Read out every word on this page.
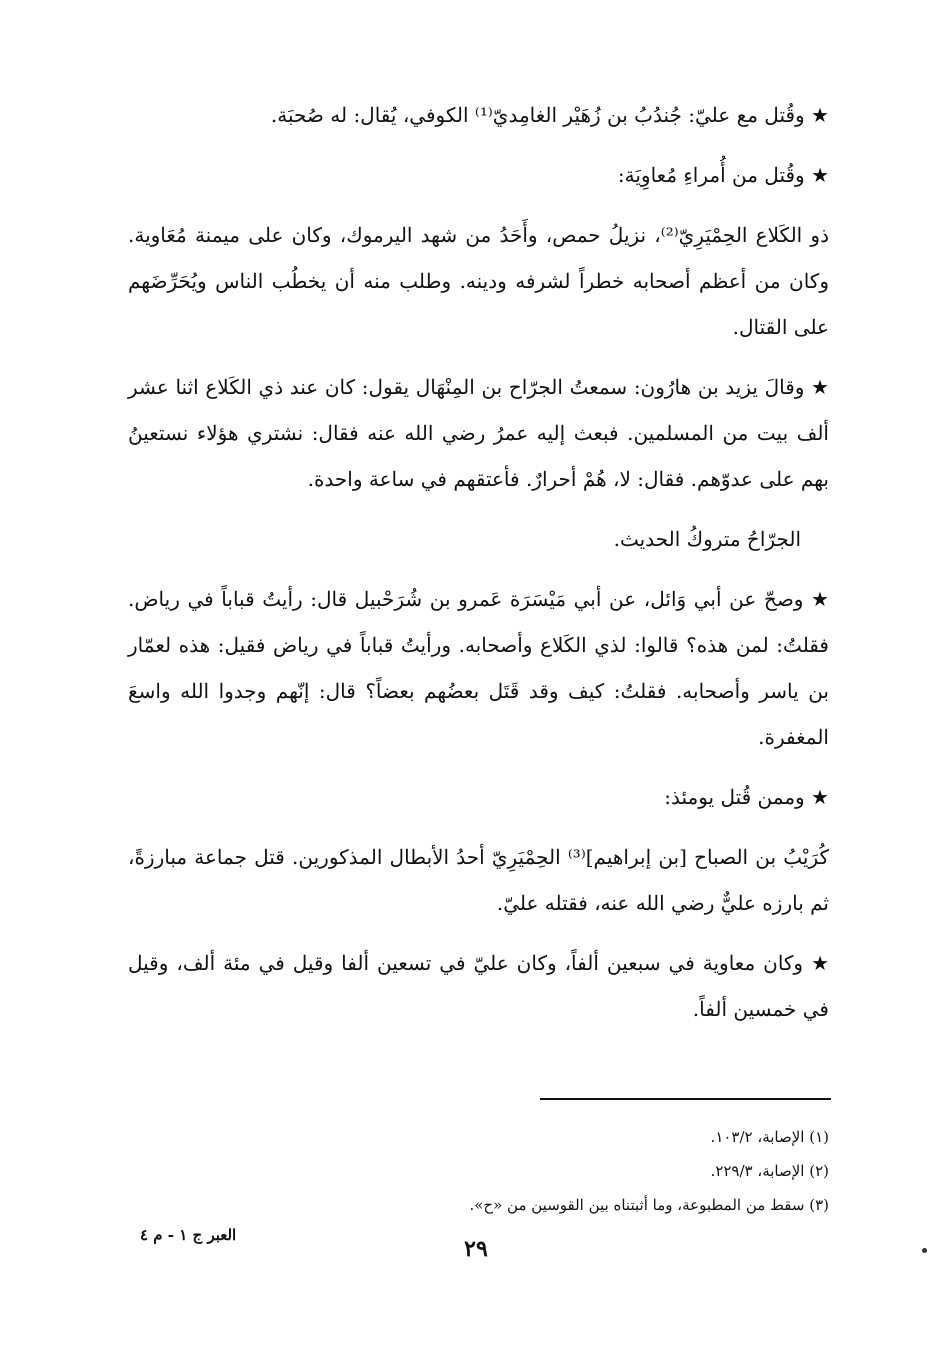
★ وقُتل مع عليّ: جُندُبُ بن زُهَيْر الغامِديّ⁽¹⁾ الكوفي، يُقال: له صُحبَة.

★ وقُتل من أُمراءِ مُعاوِيَة:

ذو الكَلاع الحِمْيَرِيّ⁽²⁾، نزيلُ حمص، وأَحَدُ من شهد اليرموك، وكان على ميمنة مُعَاوية. وكان من أعظم أصحابه خطراً لشرفه ودينه. وطلب منه أن يخطُب الناس ويُحَرِّضَهم على القتال.

★ وقالَ يزيد بن هارُون: سمعتُ الجرّاح بن المِنْهَال يقول: كان عند ذي الكَلاع اثنا عشر ألف بيت من المسلمين. فبعث إليه عمرُ رضي الله عنه فقال: نشتري هؤلاء نستعينُ بهم على عدوّهم. فقال: لا، هُمْ أحرارٌ. فأعتقهم في ساعة واحدة.

الجرّاحُ متروكُ الحديث.

★ وصحّ عن أبي وَائل، عن أبي مَيْسَرَة عَمرو بن شُرَحْبيل قال: رأيتُ قباباً في رياض. فقلتُ: لمن هذه؟ قالوا: لذي الكَلاع وأصحابه. ورأيتُ قباباً في رياض فقيل: هذه لعمّار بن ياسر وأصحابه. فقلتُ: كيف وقد قَتَل بعضُهم بعضاً؟ قال: إنّهم وجدوا الله واسعَ المغفرة.

★ وممن قُتل يومئذ:

كُرَيْبُ بن الصباح [بن إبراهيم]⁽³⁾ الحِمْيَرِيّ أحدُ الأبطال المذكورين. قتل جماعة مبارزةً، ثم بارزه عليٌّ رضي الله عنه، فقتله عليّ.

★ وكان معاوية في سبعين ألفاً، وكان عليّ في تسعين ألفا وقيل في مئة ألف، وقيل في خمسين ألفاً.

(١) الإصابة، ١٠٣/٢.

(٢) الإصابة، ٢٢٩/٣.

(٣) سقط من المطبوعة، وما أثبتناه بين القوسين من «ح».

العبر ج ١ - م ٤
٢٩
